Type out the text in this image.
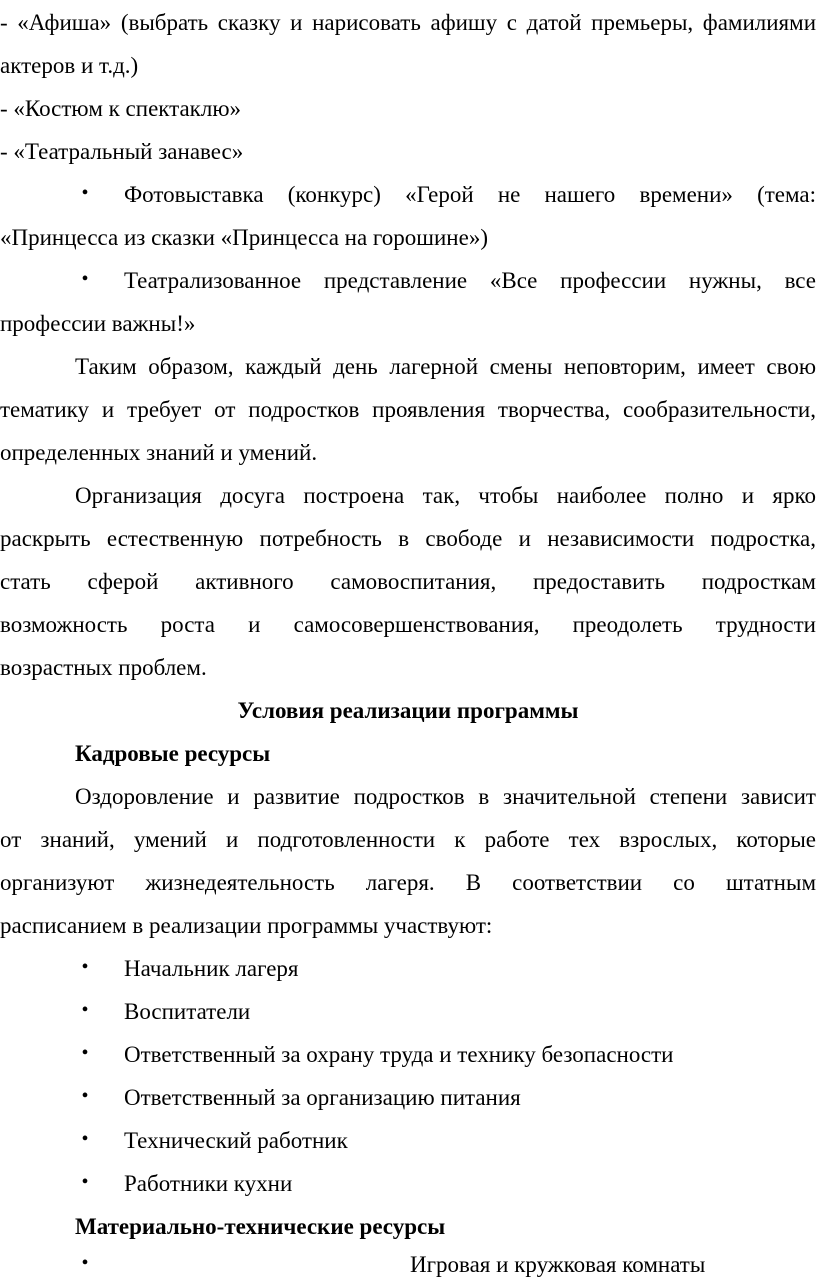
- «Афиша» (выбрать сказку и нарисовать афишу с датой премьеры, фамилиями

актеров и т.д.)

- «Костюм к спектаклю»

- «Театральный занавес»

• Фотовыставка (конкурс) «Герой не нашего времени» (тема:

«Принцесса из сказки «Принцесса на горошине»)

• Театрализованное представление «Все профессии нужны, все

профессии важны!»

Таким образом, каждый день лагерной смены неповторим, имеет свою

тематику и требует от подростков проявления творчества, сообразительности,

определенных знаний и умений.

Организация досуга построена так, чтобы наиболее полно и ярко

раскрыть естественную потребность в свободе и независимости подростка,

стать сферой активного самовоспитания, предоставить подросткам

возможность роста и самосовершенствования, преодолеть трудности

возрастных проблем.

Условия реализации программы

Кадровые ресурсы

Оздоровление и развитие подростков в значительной степени зависит

от знаний, умений и подготовленности к работе тех взрослых, которые

организуют жизнедеятельность лагеря. В соответствии со штатным

расписанием в реализации программы участвуют:

• Начальник лагеря

• Воспитатели

• Ответственный за охрану труда и технику безопасности

• Ответственный за организацию питания

• Технический работник

• Работники кухни

Материально-технические ресурсы

•	Игровая и кружковая комнаты
